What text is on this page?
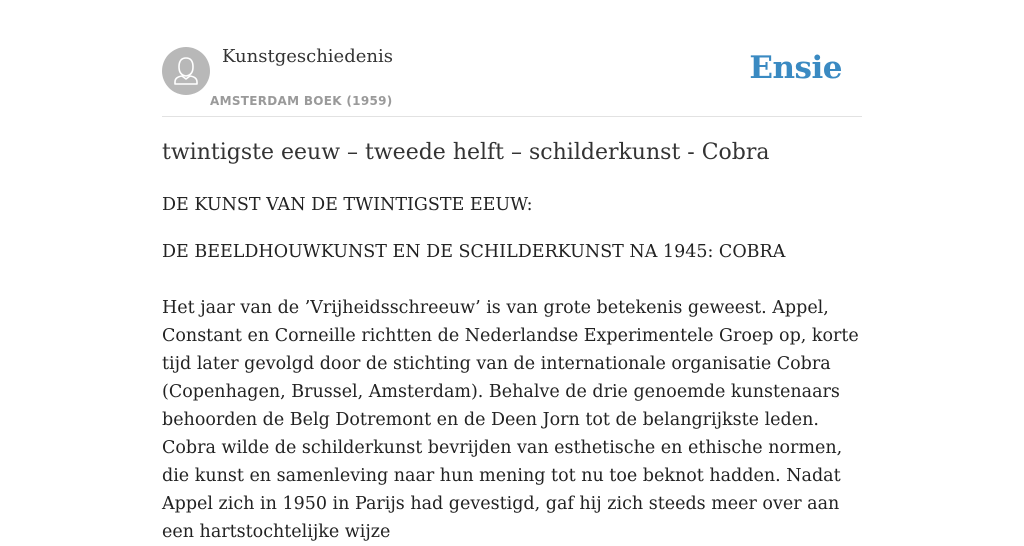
Kunstgeschiedenis
AMSTERDAM BOEK (1959)
Ensie
twintigste eeuw – tweede helft – schilderkunst - Cobra
DE KUNST VAN DE TWINTIGSTE EEUW:
DE BEELDHOUWKUNST EN DE SCHILDERKUNST NA 1945: COBRA

Het jaar van de ’Vrijheidsschreeuw’ is van grote betekenis geweest. Appel, Constant en Corneille richtten de Nederlandse Experimentele Groep op, korte tijd later gevolgd door de stichting van de internationale organisatie Cobra (Copenhagen, Brussel, Amsterdam). Behalve de drie genoemde kunstenaars behoorden de Belg Dotremont en de Deen Jorn tot de belangrijkste leden. Cobra wilde de schilderkunst bevrijden van esthetische en ethische normen, die kunst en samenleving naar hun mening tot nu toe beknot hadden. Nadat Appel zich in 1950 in Parijs had gevestigd, gaf hij zich steeds meer over aan een hartstochtelijke wijze
